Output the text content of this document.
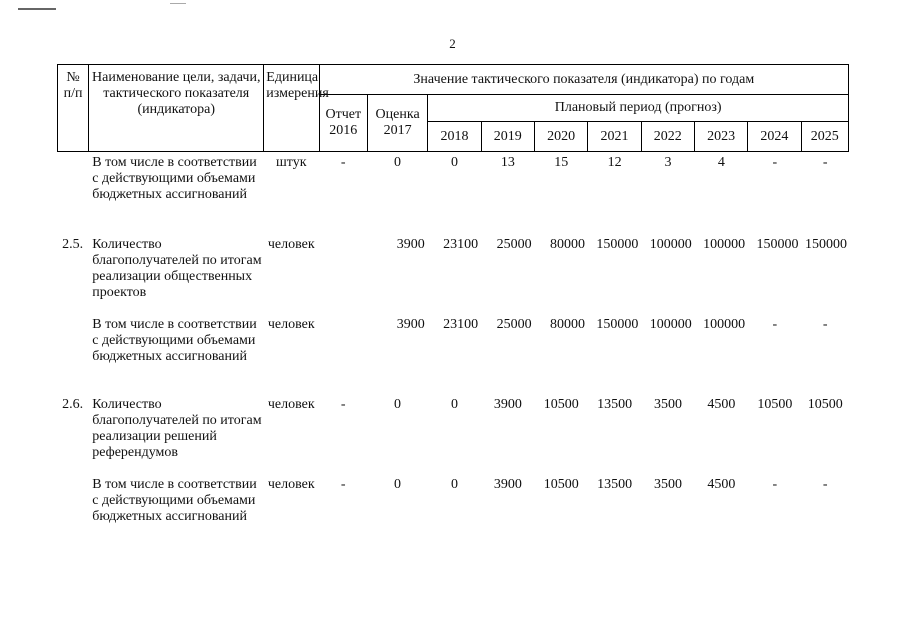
2
№ п/п	Наименование цели, задачи, тактического показателя (индикатора)	Единица измерения	Значение тактического показателя (индикатора) по годам									
			Отчет 2016	Оценка 2017	Плановый период (прогноз)							
					2018	2019	2020	2021	2022	2023	2024	2025
	В том числе в соответствии с действующими объемами бюджетных ассигнований	штук	-	0	0	13	15	12	3	4	-	-
2.5.	Количество благополучателей по итогам реализации общественных проектов	человек		3900	23100	25000	80000	150000	100000	100000	150000	150000
	В том числе в соответствии с действующими объемами бюджетных ассигнований	человек		3900	23100	25000	80000	150000	100000	100000	-	-
2.6.	Количество благополучателей по итогам реализации решений референдумов	человек	-	0	0	3900	10500	13500	3500	4500	10500	10500
	В том числе в соответствии с действующими объемами бюджетных ассигнований	человек	-	0	0	3900	10500	13500	3500	4500	-	-
